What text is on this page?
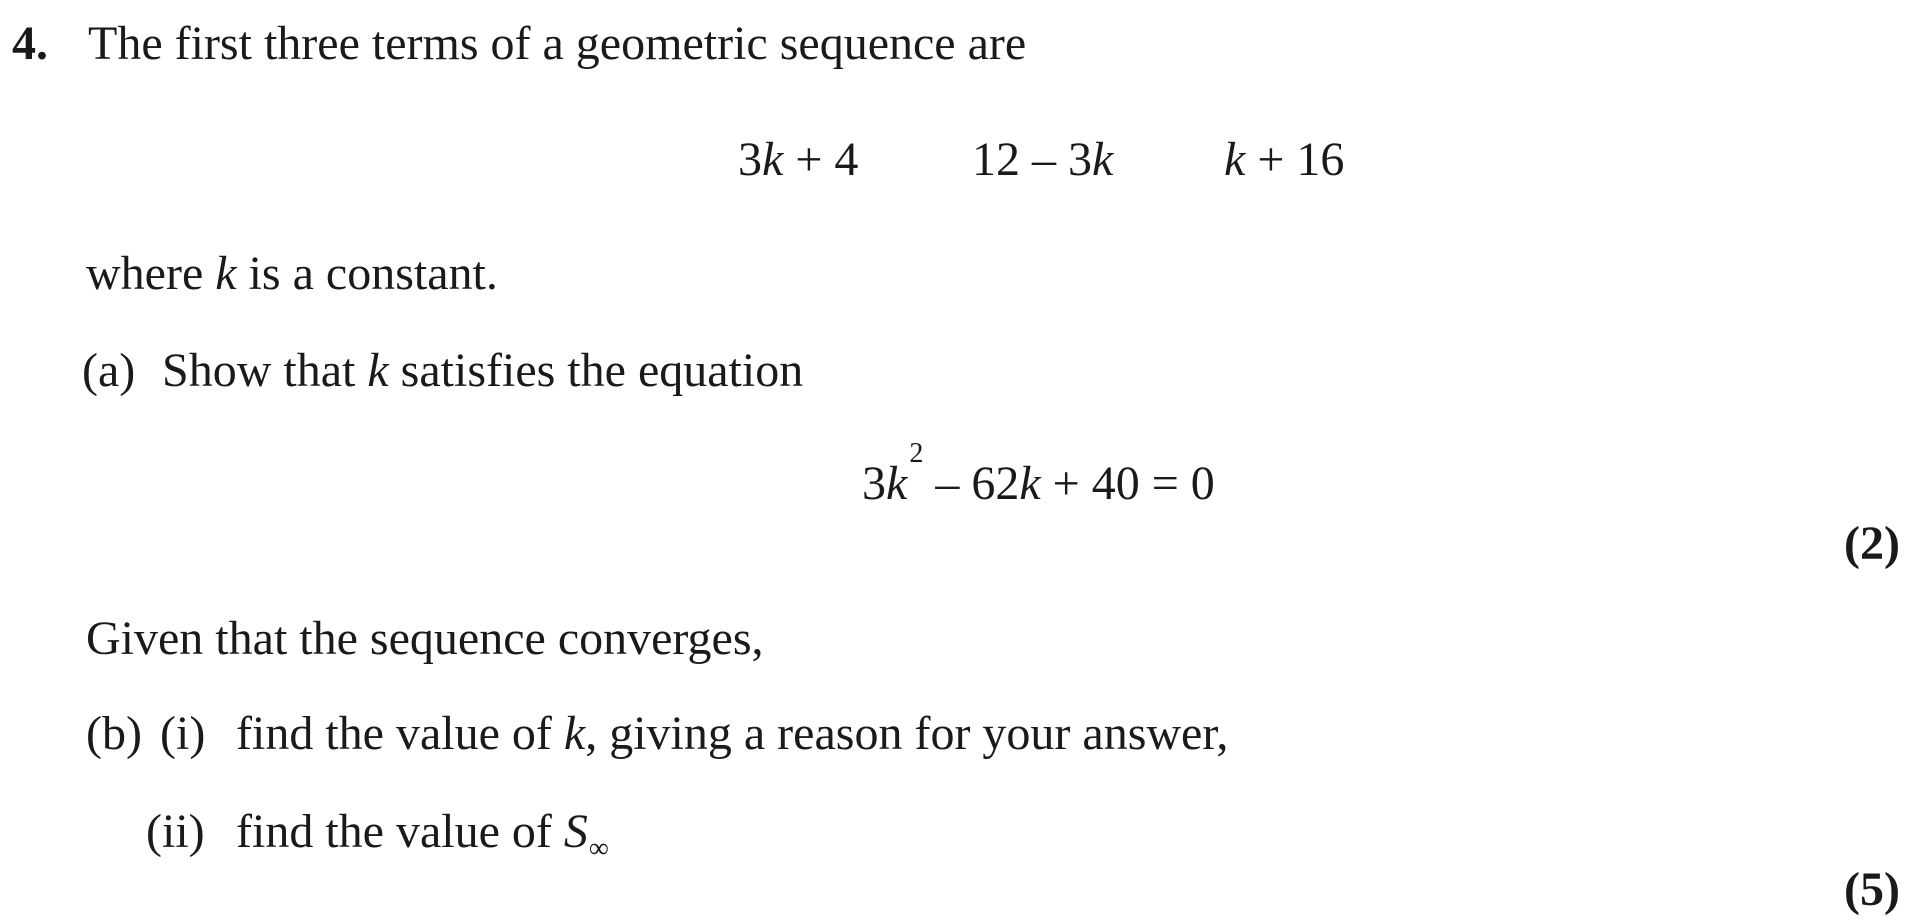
4. The first three terms of a geometric sequence are
3k + 4 12 – 3k k + 16
where k is a constant.
(a) Show that k satisfies the equation
$3k^2 - 62k + 40 = 0$
(2)
Given that the sequence converges,
(b) (i) find the value of k, giving a reason for your answer,
(ii) find the value of $S_\infty$
(5)
